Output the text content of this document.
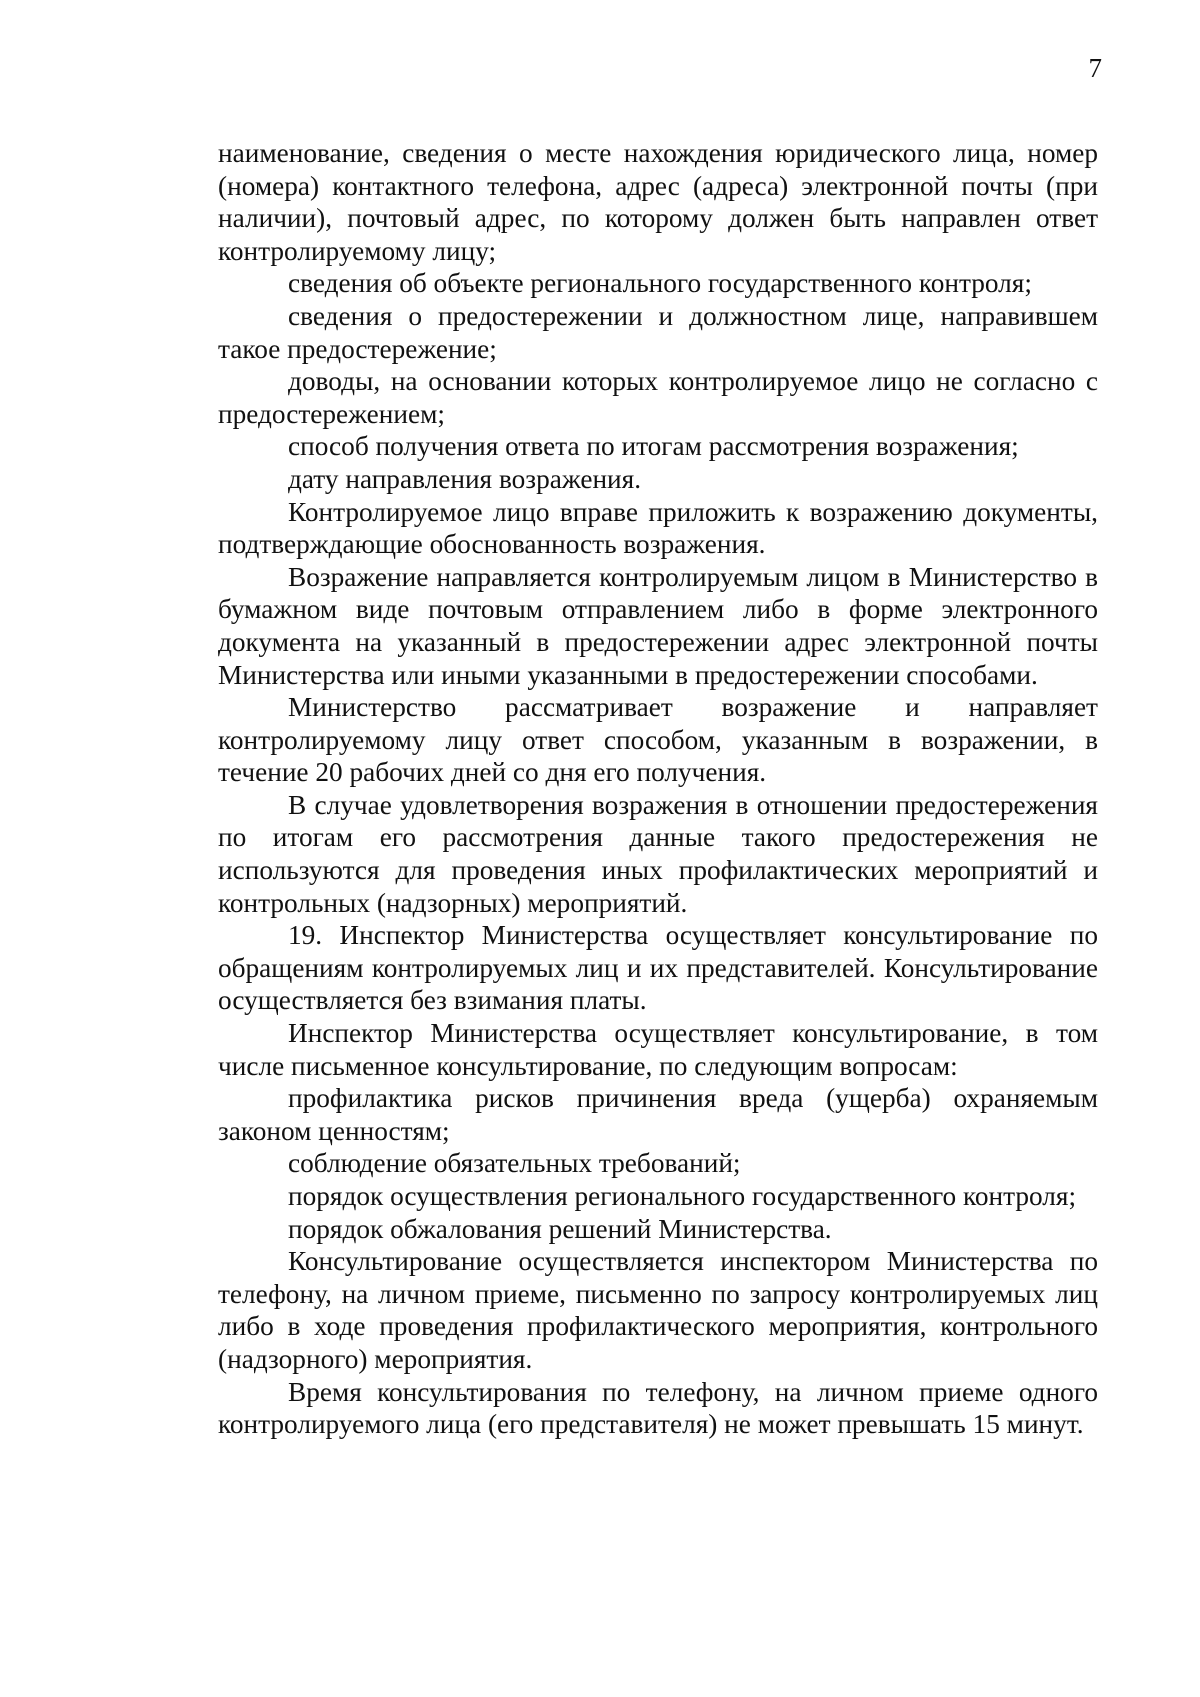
7

наименование, сведения о месте нахождения юридического лица, номер (номера) контактного телефона, адрес (адреса) электронной почты (при наличии), почтовый адрес, по которому должен быть направлен ответ контролируемому лицу;

сведения об объекте регионального государственного контроля;

сведения о предостережении и должностном лице, направившем такое предостережение;

доводы, на основании которых контролируемое лицо не согласно с предостережением;

способ получения ответа по итогам рассмотрения возражения;

дату направления возражения.

Контролируемое лицо вправе приложить к возражению документы, подтверждающие обоснованность возражения.

Возражение направляется контролируемым лицом в Министерство в бумажном виде почтовым отправлением либо в форме электронного документа на указанный в предостережении адрес электронной почты Министерства или иными указанными в предостережении способами.

Министерство рассматривает возражение и направляет контролируемому лицу ответ способом, указанным в возражении, в течение 20 рабочих дней со дня его получения.

В случае удовлетворения возражения в отношении предостережения по итогам его рассмотрения данные такого предостережения не используются для проведения иных профилактических мероприятий и контрольных (надзорных) мероприятий.

19. Инспектор Министерства осуществляет консультирование по обращениям контролируемых лиц и их представителей. Консультирование осуществляется без взимания платы.

Инспектор Министерства осуществляет консультирование, в том числе письменное консультирование, по следующим вопросам:

профилактика рисков причинения вреда (ущерба) охраняемым законом ценностям;

соблюдение обязательных требований;

порядок осуществления регионального государственного контроля;

порядок обжалования решений Министерства.

Консультирование осуществляется инспектором Министерства по телефону, на личном приеме, письменно по запросу контролируемых лиц либо в ходе проведения профилактического мероприятия, контрольного (надзорного) мероприятия.

Время консультирования по телефону, на личном приеме одного контролируемого лица (его представителя) не может превышать 15 минут.
